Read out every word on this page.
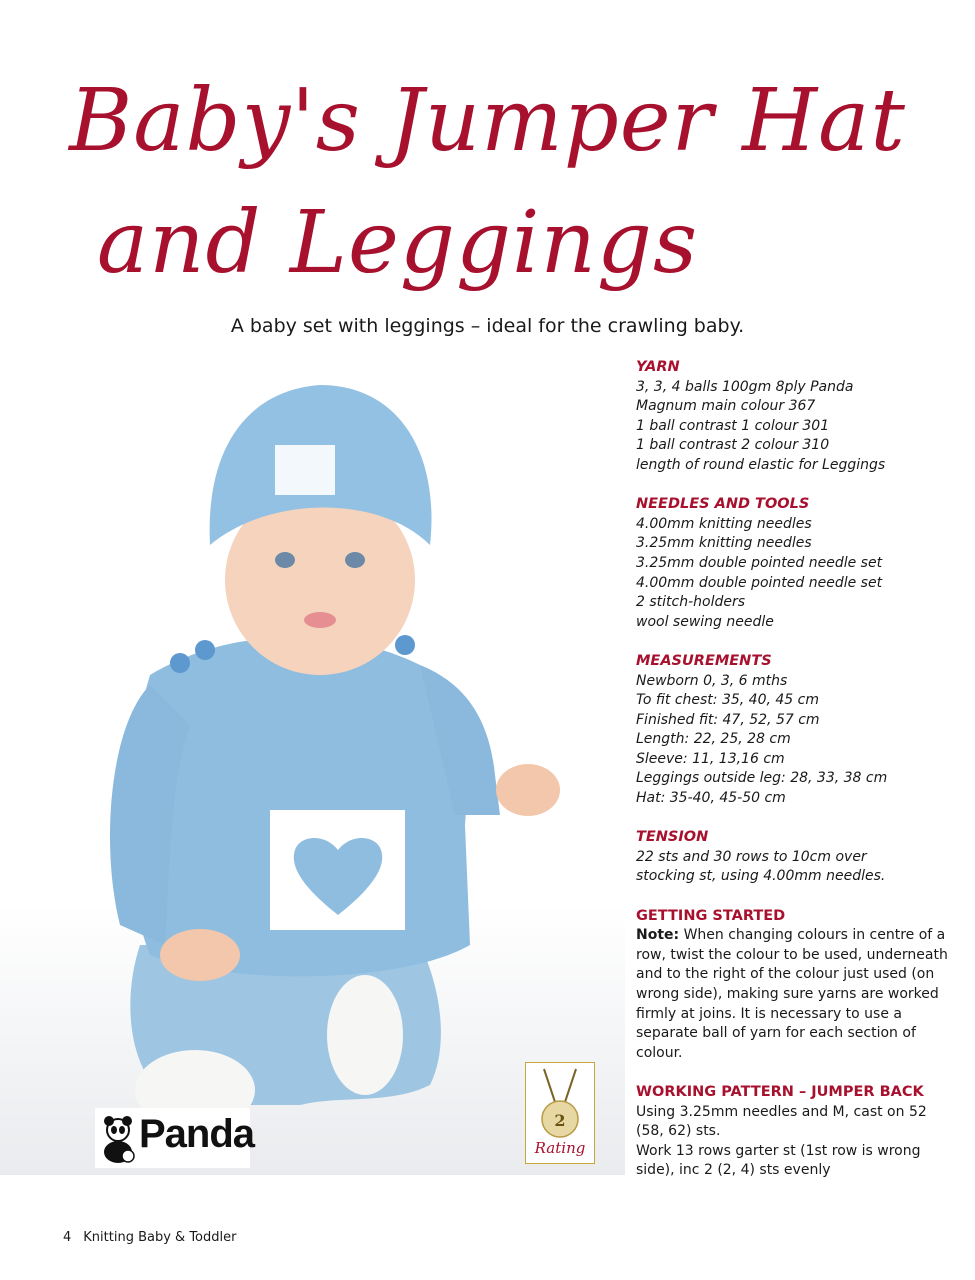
Baby's Jumper Hat
and Leggings

A baby set with leggings – ideal for the crawling baby.

YARN
3, 3, 4 balls 100gm 8ply Panda
Magnum main colour 367
1 ball contrast 1 colour 301
1 ball contrast 2 colour 310
length of round elastic for Leggings
NEEDLES AND TOOLS
4.00mm knitting needles
3.25mm knitting needles
3.25mm double pointed needle set
4.00mm double pointed needle set
2 stitch-holders
wool sewing needle
MEASUREMENTS
Newborn 0, 3, 6 mths
To fit chest: 35, 40, 45 cm
Finished fit: 47, 52, 57 cm
Length: 22, 25, 28 cm
Sleeve: 11, 13,16 cm
Leggings outside leg: 28, 33, 38 cm
Hat: 35-40, 45-50 cm
TENSION
22 sts and 30 rows to 10cm over
stocking st, using 4.00mm needles.
GETTING STARTED

Note: When changing colours in centre of a row, twist the colour to be used, underneath and to the right of the colour just used (on wrong side), making sure yarns are worked firmly at joins. It is necessary to use a separate ball of yarn for each section of colour.

WORKING PATTERN – JUMPER BACK

Using 3.25mm needles and M, cast on 52 (58, 62) sts.

Work 13 rows garter st (1st row is wrong side), inc 2 (2, 4) sts evenly

Panda	2
Rating
4 Knitting Baby & Toddler
